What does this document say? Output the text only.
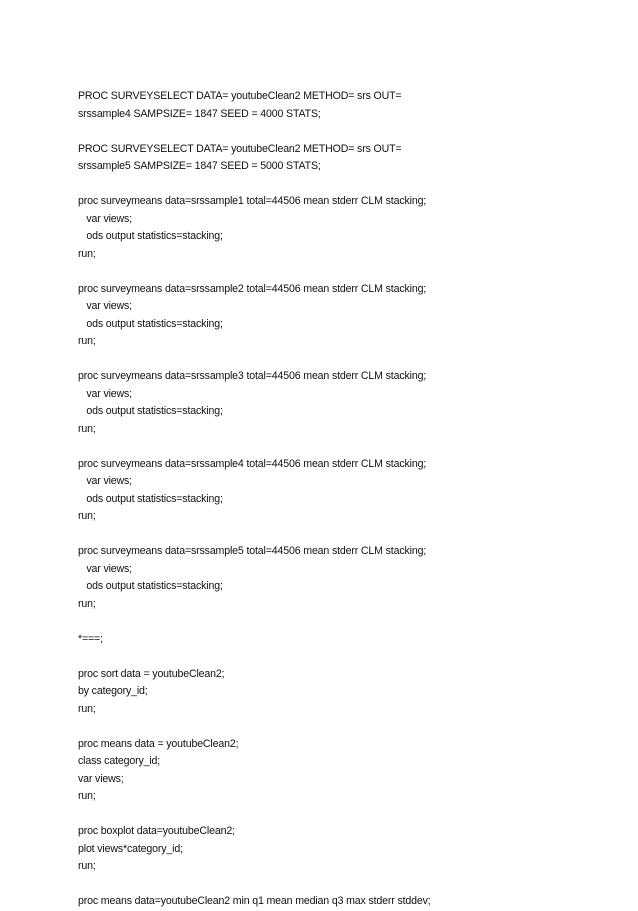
PROC SURVEYSELECT DATA= youtubeClean2 METHOD= srs OUT=
srssample4 SAMPSIZE= 1847 SEED = 4000 STATS;
PROC SURVEYSELECT DATA= youtubeClean2 METHOD= srs OUT=
srssample5 SAMPSIZE= 1847 SEED = 5000 STATS;
proc surveymeans data=srssample1 total=44506 mean stderr CLM stacking;
var views;
ods output statistics=stacking;
run;
proc surveymeans data=srssample2 total=44506 mean stderr CLM stacking;
var views;
ods output statistics=stacking;
run;
proc surveymeans data=srssample3 total=44506 mean stderr CLM stacking;
var views;
ods output statistics=stacking;
run;
proc surveymeans data=srssample4 total=44506 mean stderr CLM stacking;
var views;
ods output statistics=stacking;
run;
proc surveymeans data=srssample5 total=44506 mean stderr CLM stacking;
var views;
ods output statistics=stacking;
run;
*===;
proc sort data = youtubeClean2;
by category_id;
run;
proc means data = youtubeClean2;
class category_id;
var views;
run;
proc boxplot data=youtubeClean2;
plot views*category_id;
run;
proc means data=youtubeClean2 min q1 mean median q3 max stderr stddev;
